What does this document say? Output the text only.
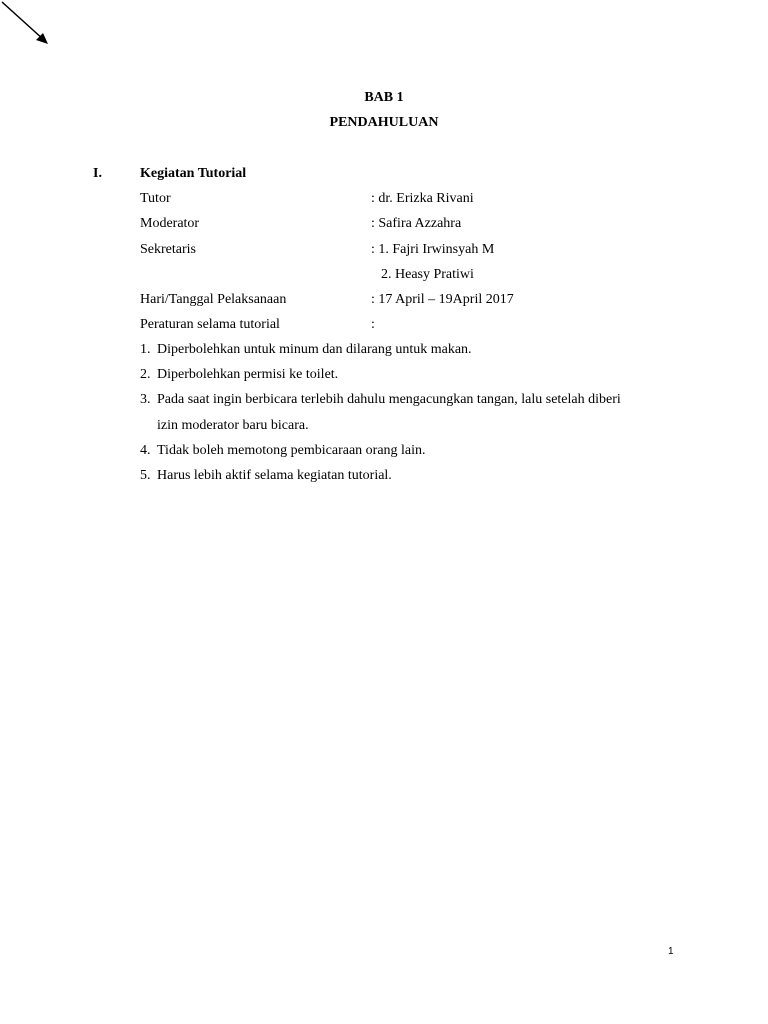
BAB 1
PENDAHULUAN
I.	Kegiatan Tutorial
Tutor	: dr. Erizka Rivani
Moderator	: Safira Azzahra
Sekretaris	: 1. Fajri Irwinsyah M
2. Heasy Pratiwi
Hari/Tanggal Pelaksanaan	: 17 April – 19April 2017
Peraturan selama tutorial	:
1. Diperbolehkan untuk minum dan dilarang untuk makan.
2. Diperbolehkan permisi ke toilet.
3. Pada saat ingin berbicara terlebih dahulu mengacungkan tangan, lalu setelah diberi
izin moderator baru bicara.
4. Tidak boleh memotong pembicaraan orang lain.
5. Harus lebih aktif selama kegiatan tutorial.
1
